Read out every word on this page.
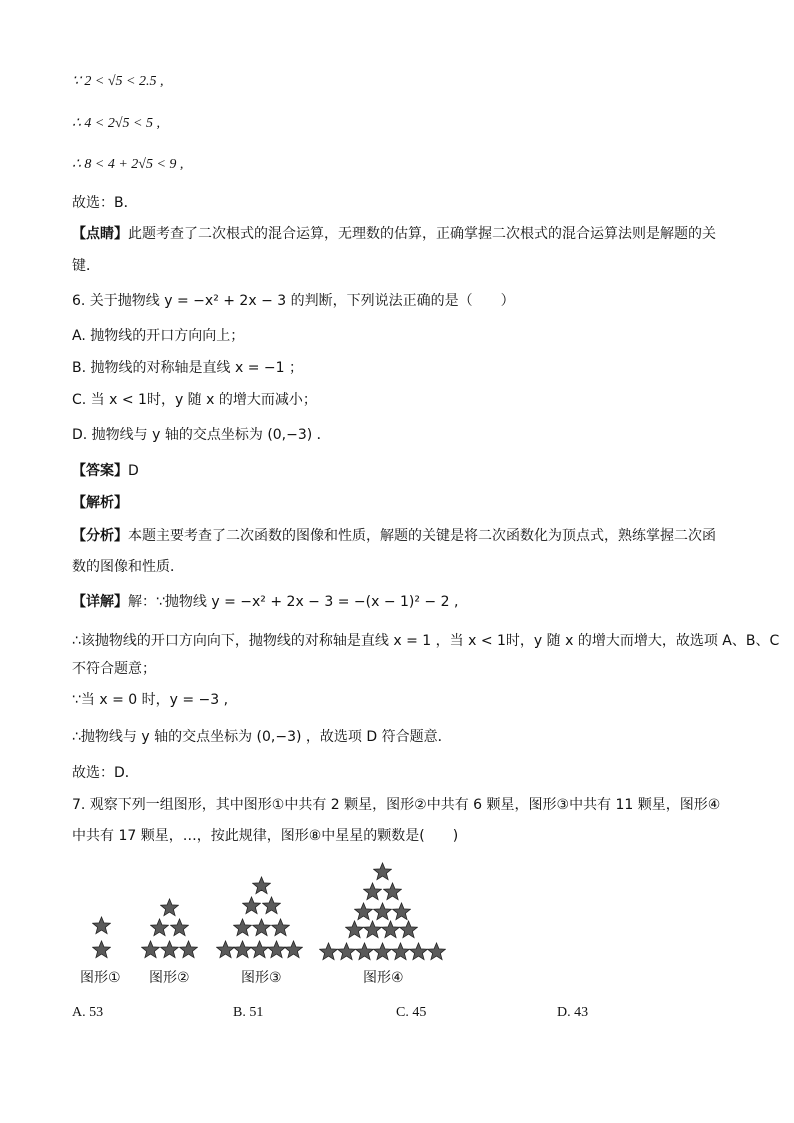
∵ 2 < √5 < 2.5 ,
∴ 4 < 2√5 < 5 ,
∴ 8 < 4 + 2√5 < 9 ,
故选：B．
【点睛】此题考查了二次根式的混合运算，无理数的估算，正确掌握二次根式的混合运算法则是解题的关
键．
6. 关于抛物线 y = −x² + 2x − 3 的判断，下列说法正确的是（　　）
A. 抛物线的开口方向向上；
B. 抛物线的对称轴是直线 x = −1 ；
C. 当 x < 1时，y 随 x 的增大而减小；
D. 抛物线与 y 轴的交点坐标为 (0,−3) ．
【答案】D
【解析】
【分析】本题主要考查了二次函数的图像和性质，解题的关键是将二次函数化为顶点式，熟练掌握二次函
数的图像和性质．
【详解】解：∵抛物线 y = −x² + 2x − 3 = −(x − 1)² − 2 ,
∴该抛物线的开口方向向下，抛物线的对称轴是直线 x = 1 ，当 x < 1时，y 随 x 的增大而增大，故选项 A、B、C
不符合题意；
∵当 x = 0 时，y = −3 ,
∴抛物线与 y 轴的交点坐标为 (0,−3) ，故选项 D 符合题意．
故选：D．
7. 观察下列一组图形，其中图形①中共有 2 颗星，图形②中共有 6 颗星，图形③中共有 11 颗星，图形④
中共有 17 颗星，…，按此规律，图形⑧中星星的颗数是(　　)
图形① 图形②	图形③	图形④
A. 53	B. 51	C. 45	D. 43
